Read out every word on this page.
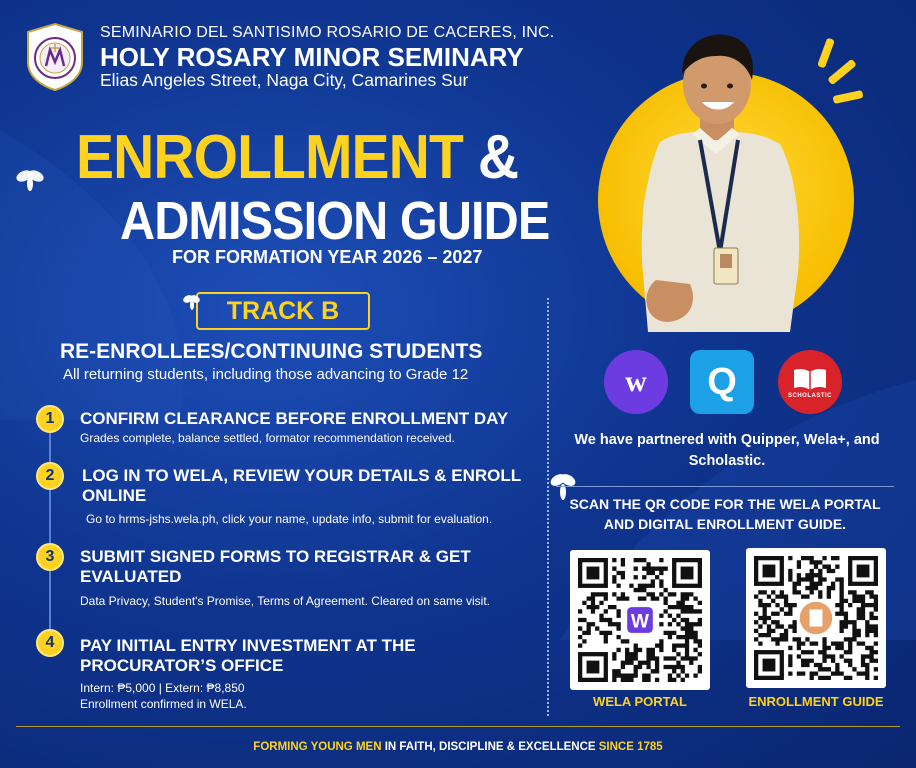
SEMINARIO DEL SANTISIMO ROSARIO DE CACERES, INC.
HOLY ROSARY MINOR SEMINARY
Elias Angeles Street, Naga City, Camarines Sur
ENROLLMENT &
ADMISSION GUIDE
FOR FORMATION YEAR 2026 – 2027
TRACK B
RE-ENROLLEES/CONTINUING STUDENTS
All returning students, including those advancing to Grade 12
1	CONFIRM CLEARANCE BEFORE ENROLLMENT DAY
Grades complete, balance settled, formator recommendation received.
2	LOG IN TO WELA, REVIEW YOUR DETAILS & ENROLL ONLINE
Go to hrms-jshs.wela.ph, click your name, update info, submit for evaluation.
3	SUBMIT SIGNED FORMS TO REGISTRAR & GET EVALUATED
Data Privacy, Student's Promise, Terms of Agreement. Cleared on same visit.
4	PAY INITIAL ENTRY INVESTMENT AT THE PROCURATOR’S OFFICE
Intern: ₱5,000 | Extern: ₱8,850
Enrollment confirmed in WELA.
w Q	SCHOLASTIC
We have partnered with Quipper, Wela+, and Scholastic.
SCAN THE QR CODE FOR THE WELA PORTAL AND DIGITAL ENROLLMENT GUIDE.
W
WELA PORTAL	ENROLLMENT GUIDE
FORMING YOUNG MEN IN FAITH, DISCIPLINE & EXCELLENCE SINCE 1785
